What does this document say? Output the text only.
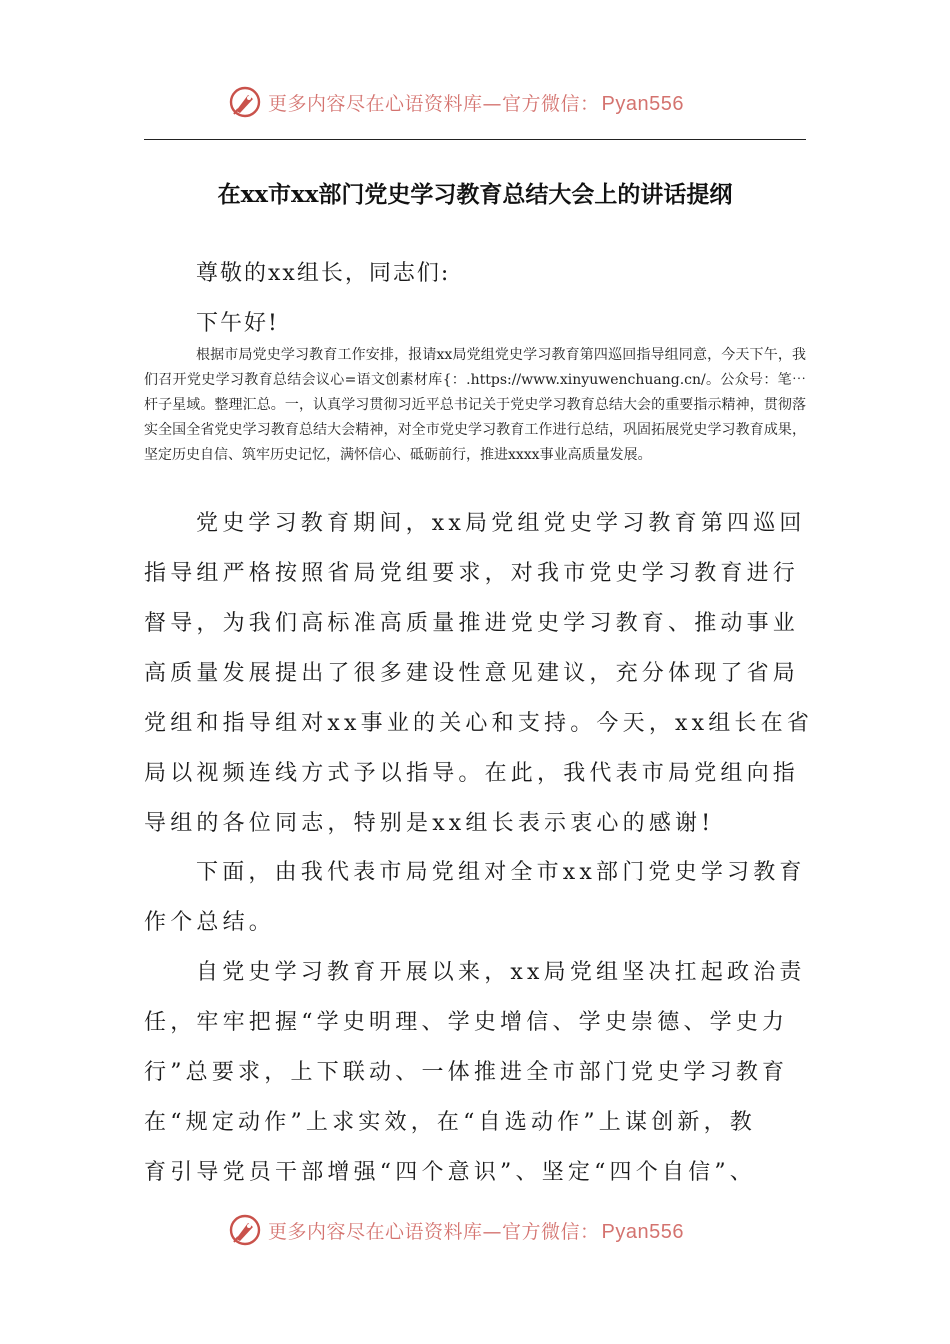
更多内容尽在心语资料库—官方微信： Pyan556
在xx市xx部门党史学习教育总结大会上的讲话提纲
尊敬的xx组长，同志们:
下午好!
根据市局党史学习教育工作安排，报请xx局党组党史学习教育第四巡回指导组同意，今天下午，我们召开党史学习教育总结会议心=语文创素材库{：.https://www.xinyuwenchuang.cn/。公众号：笔⋯杆子星域。整理汇总。一，认真学习贯彻习近平总书记关于党史学习教育总结大会的重要指示精神，贯彻落实全国全省党史学习教育总结大会精神，对全市党史学习教育工作进行总结，巩固拓展党史学习教育成果，坚定历史自信、筑牢历史记忆，满怀信心、砥砺前行，推进xxxx事业高质量发展。
党史学习教育期间，xx局党组党史学习教育第四巡回
指导组严格按照省局党组要求，对我市党史学习教育进行
督导，为我们高标准高质量推进党史学习教育、推动事业
高质量发展提出了很多建设性意见建议，充分体现了省局
党组和指导组对xx事业的关心和支持。今天，xx组长在省
局以视频连线方式予以指导。在此，我代表市局党组向指
导组的各位同志，特别是xx组长表示衷心的感谢!
下面，由我代表市局党组对全市xx部门党史学习教育
作个总结。
自党史学习教育开展以来，xx局党组坚决扛起政治责
任，牢牢把握“学史明理、学史增信、学史崇德、学史力
行”总要求，上下联动、一体推进全市部门党史学习教育
在“规定动作”上求实效，在“自选动作”上谋创新，教
育引导党员干部增强“四个意识”、坚定“四个自信”、
更多内容尽在心语资料库—官方微信： Pyan556
